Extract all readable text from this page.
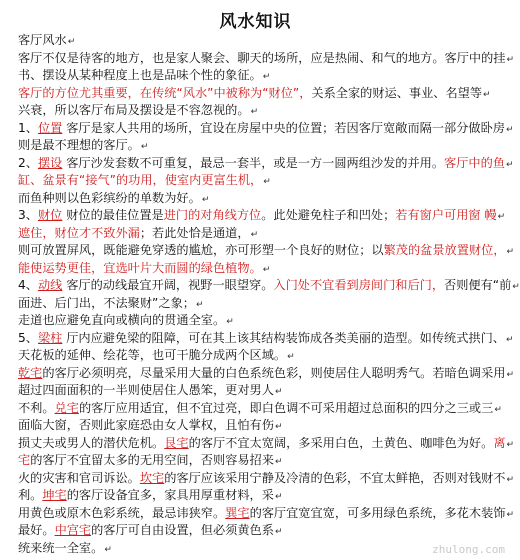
风水知识
客厅风水↵
客厅不仅是待客的地方，也是家人聚会、聊天的场所，应是热闹、和气的地方。客厅中的挂↵
书、摆设从某种程度上也是品味个性的象征。↵
客厅的方位尤其重要，在传统“风水”中被称为“财位”，关系全家的财运、事业、名望等↵
兴衰，所以客厅布局及摆设是不容忽视的。↵
1、位置 客厅是家人共用的场所，宜设在房屋中央的位置；若因客厅宽敞而隔一部分做卧房↵
则是最不理想的客厅。↵
2、摆设 客厅沙发套数不可重复，最忌一套半，或是一方一圆两组沙发的并用。客厅中的鱼↵
缸、盆景有“接气”的功用，使室内更富生机，↵
而鱼种则以色彩缤纷的单数为好。↵
3、财位 财位的最佳位置是进门的对角线方位。此处避免柱子和凹处；若有窗户可用窗 幔↵
遮住，财位才不致外漏；若此处恰是通道，↵
则可放置屏风，既能避免穿透的尴尬，亦可形塑一个良好的财位；以繁茂的盆景放置财位，↵
能使运势更佳，宜选叶片大而圆的绿色植物。↵
4、动线 客厅的动线最宜开阔，视野一眼望穿。入门处不宜看到房间门和后门，否则便有“前↵
面进、后门出，不法聚财”之象；↵
走道也应避免直向或横向的贯通全室。↵
5、梁柱 厅内应避免梁的阻障，可在其上该其结构装饰成各类美丽的造型。如传统式拱门、↵
天花板的延伸、绘花等，也可干脆分成两个区域。↵
乾宅的客厅必须明亮，尽量采用大量的白色系统色彩，则使居住人聪明秀气。若暗色调采用↵
超过四面面积的一半则使居住人愚笨，更对男人↵
不利。兑宅的客厅应用适宜，但不宜过亮，即白色调不可采用超过总面积的四分之三或三↵
面临大窗，否则此家庭恐由女人掌权，且怕有伤↵
损丈夫或男人的潜伏危机。艮宅的客厅不宜太宽阔，多采用白色，土黄色、咖啡色为好。离↵
宅的客厅不宜留太多的无用空间，否则容易招来↵
火的灾害和官司诉讼。坎宅的客厅应该采用宁静及冷清的色彩，不宜太鲜艳，否则对钱财不↵
利。坤宅的客厅设备宜多，家具用厚重材料，采↵
用黄色或原木色彩系统，最忌讳狭窄。巽宅的客厅宜宽宜宽，可多用绿色系统，多花木装饰↵
最好。中宫宅的客厅可自由设置，但必须黄色系↵
统来统一全室。↵	zhulong.com
